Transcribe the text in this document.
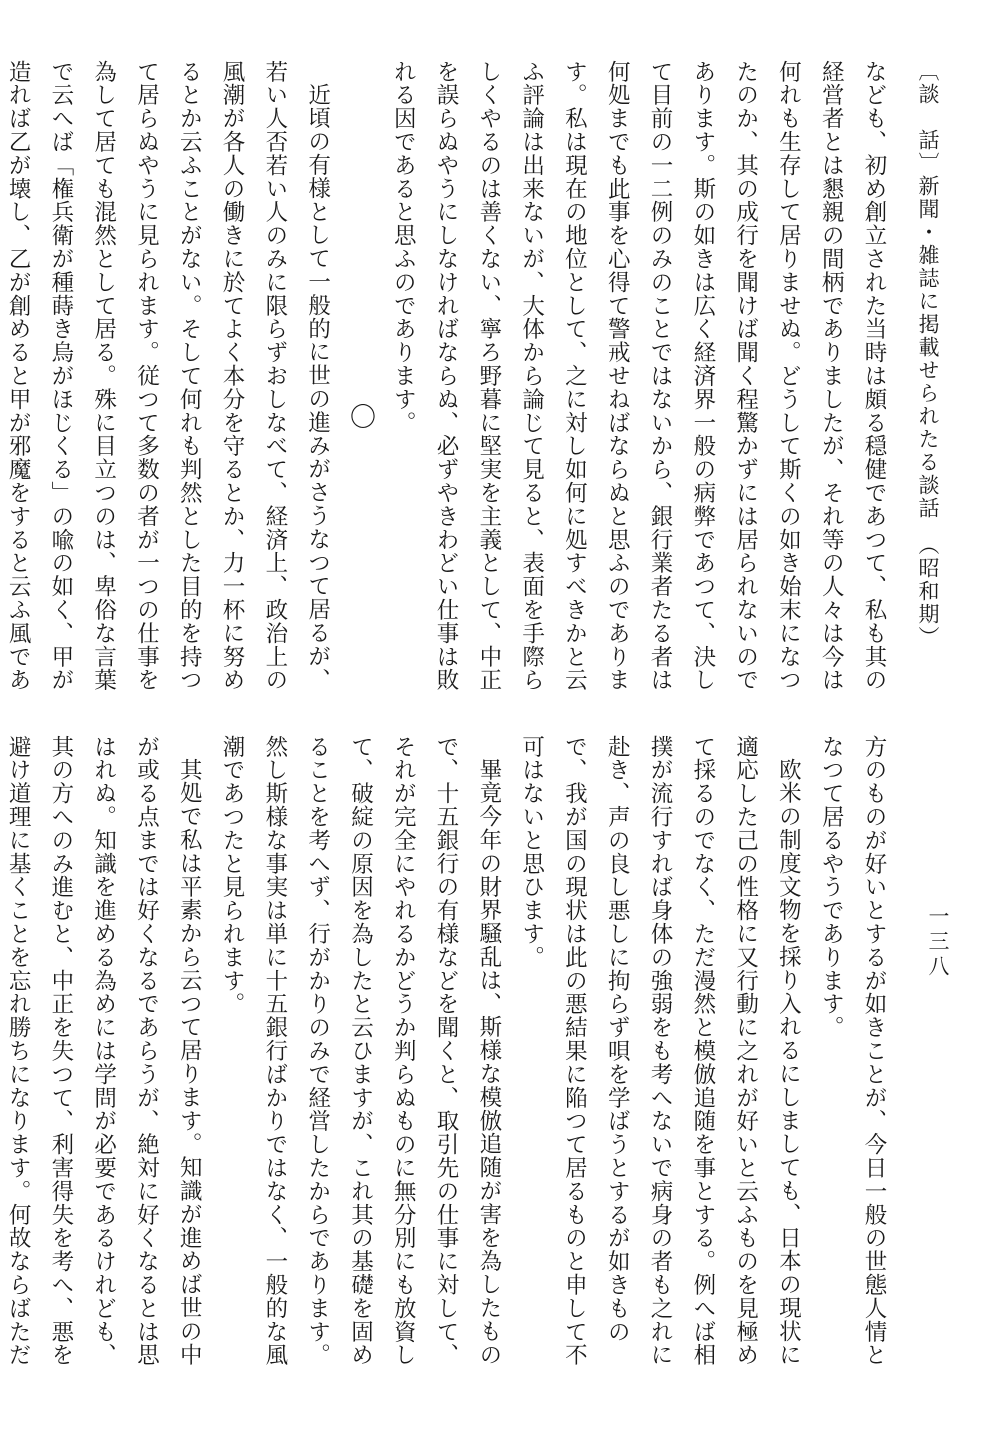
〔談　話〕新聞・雑誌に掲載せられたる談話（昭和期）
一三八

なども、初め創立された当時は頗る穏健であつて、私も其の経営者とは懇親の間柄でありましたが、それ等の人々は今は何れも生存して居りませぬ。どうして斯くの如き始末になつたのか、其の成行を聞けば聞く程驚かずには居られないのであります。斯の如きは広く経済界一般の病弊であつて、決して目前の一二例のみのことではないから、銀行業者たる者は何処までも此事を心得て警戒せねばならぬと思ふのであります。私は現在の地位として、之に対し如何に処すべきかと云ふ評論は出来ないが、大体から論じて見ると、表面を手際らしくやるのは善くない、寧ろ野暮に堅実を主義として、中正を誤らぬやうにしなければならぬ、必ずやきわどい仕事は敗れる因であると思ふのであります。

〇

近頃の有様として一般的に世の進みがさうなつて居るが、若い人否若い人のみに限らずおしなべて、経済上、政治上の風潮が各人の働きに於てよく本分を守るとか、力一杯に努めるとか云ふことがない。そして何れも判然とした目的を持つて居らぬやうに見られます。従つて多数の者が一つの仕事を為して居ても混然として居る。殊に目立つのは、卑俗な言葉で云へば「権兵衛が種蒔き烏がほじくる」の喩の如く、甲が造れば乙が壊し、乙が創めると甲が邪魔をすると云ふ風であ

方のものが好いとするが如きことが、今日一般の世態人情となつて居るやうであります。

欧米の制度文物を採り入れるにしましても、日本の現状に適応した己の性格に又行動に之れが好いと云ふものを見極めて採るのでなく、ただ漫然と模倣追随を事とする。例へば相撲が流行すれば身体の強弱をも考へないで病身の者も之れに赴き、声の良し悪しに拘らず唄を学ばうとするが如きもので、我が国の現状は此の悪結果に陥つて居るものと申して不可はないと思ひます。

畢竟今年の財界騒乱は、斯様な模倣追随が害を為したもので、十五銀行の有様などを聞くと、取引先の仕事に対して、それが完全にやれるかどうか判らぬものに無分別にも放資して、破綻の原因を為したと云ひますが、これ其の基礎を固めることを考へず、行がかりのみで経営したからであります。然し斯様な事実は単に十五銀行ばかりではなく、一般的な風潮であつたと見られます。

其処で私は平素から云つて居ります。知識が進めば世の中が或る点までは好くなるであらうが、絶対に好くなるとは思はれぬ。知識を進める為めには学問が必要であるけれども、其の方へのみ進むと、中正を失つて、利害得失を考へ、悪を避け道理に基くことを忘れ勝ちになります。何故ならばただ
